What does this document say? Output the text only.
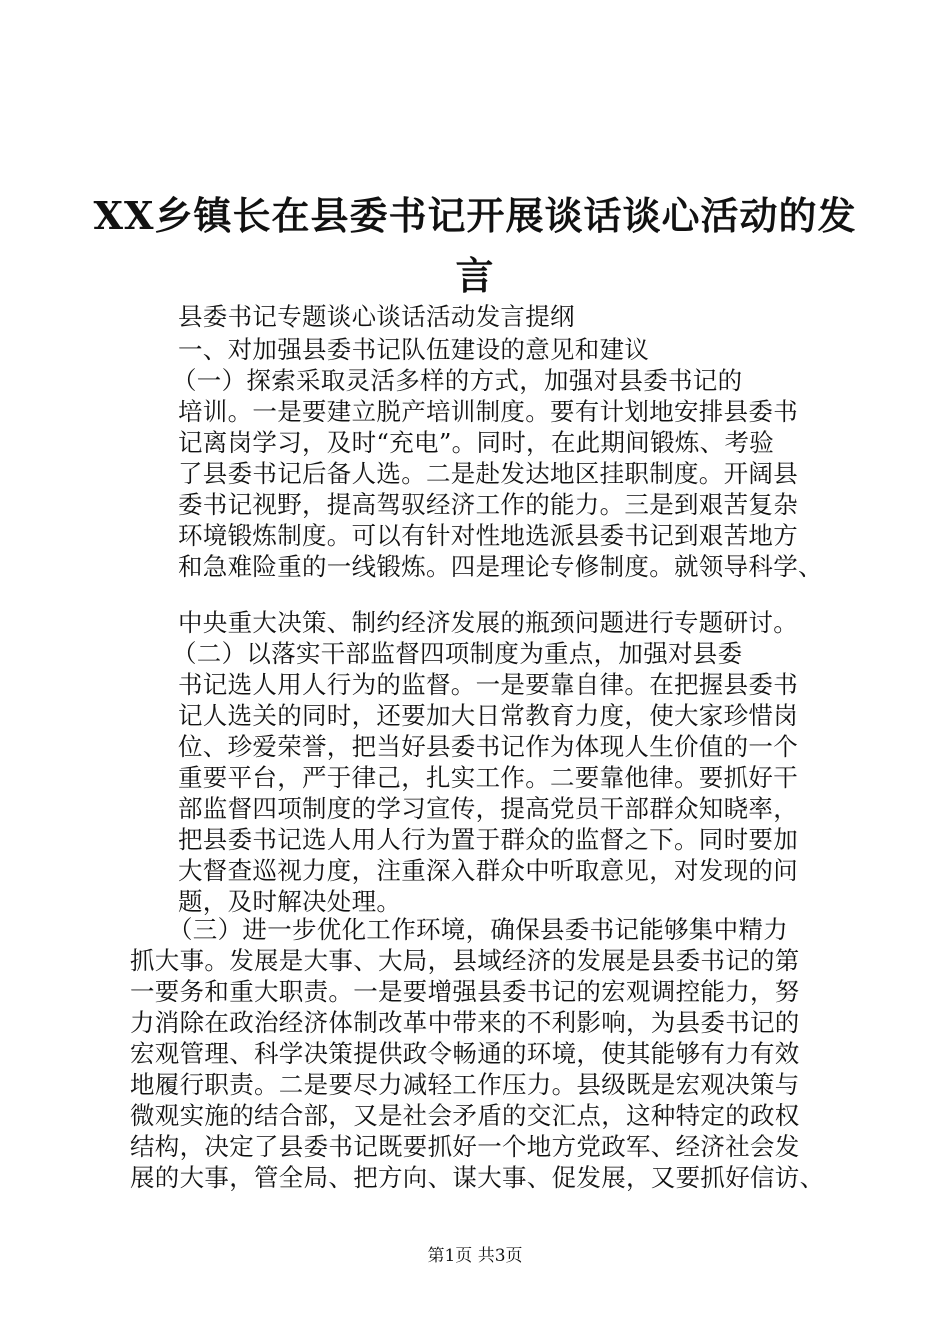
XX乡镇长在县委书记开展谈话谈心活动的发
言
县委书记专题谈心谈话活动发言提纲
一、对加强县委书记队伍建设的意见和建议
（一）探索采取灵活多样的方式，加强对县委书记的
培训。一是要建立脱产培训制度。要有计划地安排县委书
记离岗学习，及时“充电”。同时，在此期间锻炼、考验
了县委书记后备人选。二是赴发达地区挂职制度。开阔县
委书记视野，提高驾驭经济工作的能力。三是到艰苦复杂
环境锻炼制度。可以有针对性地选派县委书记到艰苦地方
和急难险重的一线锻炼。四是理论专修制度。就领导科学、
中央重大决策、制约经济发展的瓶颈问题进行专题研讨。
（二）以落实干部监督四项制度为重点，加强对县委
书记选人用人行为的监督。一是要靠自律。在把握县委书
记人选关的同时，还要加大日常教育力度，使大家珍惜岗
位、珍爱荣誉，把当好县委书记作为体现人生价值的一个
重要平台，严于律己，扎实工作。二要靠他律。要抓好干
部监督四项制度的学习宣传，提高党员干部群众知晓率，
把县委书记选人用人行为置于群众的监督之下。同时要加
大督查巡视力度，注重深入群众中听取意见，对发现的问
题，及时解决处理。
（三）进一步优化工作环境，确保县委书记能够集中精力
抓大事。发展是大事、大局，县域经济的发展是县委书记的第
一要务和重大职责。一是要增强县委书记的宏观调控能力，努
力消除在政治经济体制改革中带来的不利影响，为县委书记的
宏观管理、科学决策提供政令畅通的环境，使其能够有力有效
地履行职责。二是要尽力减轻工作压力。县级既是宏观决策与
微观实施的结合部，又是社会矛盾的交汇点，这种特定的政权
结构，决定了县委书记既要抓好一个地方党政军、经济社会发
展的大事，管全局、把方向、谋大事、促发展，又要抓好信访、
第1页 共3页
